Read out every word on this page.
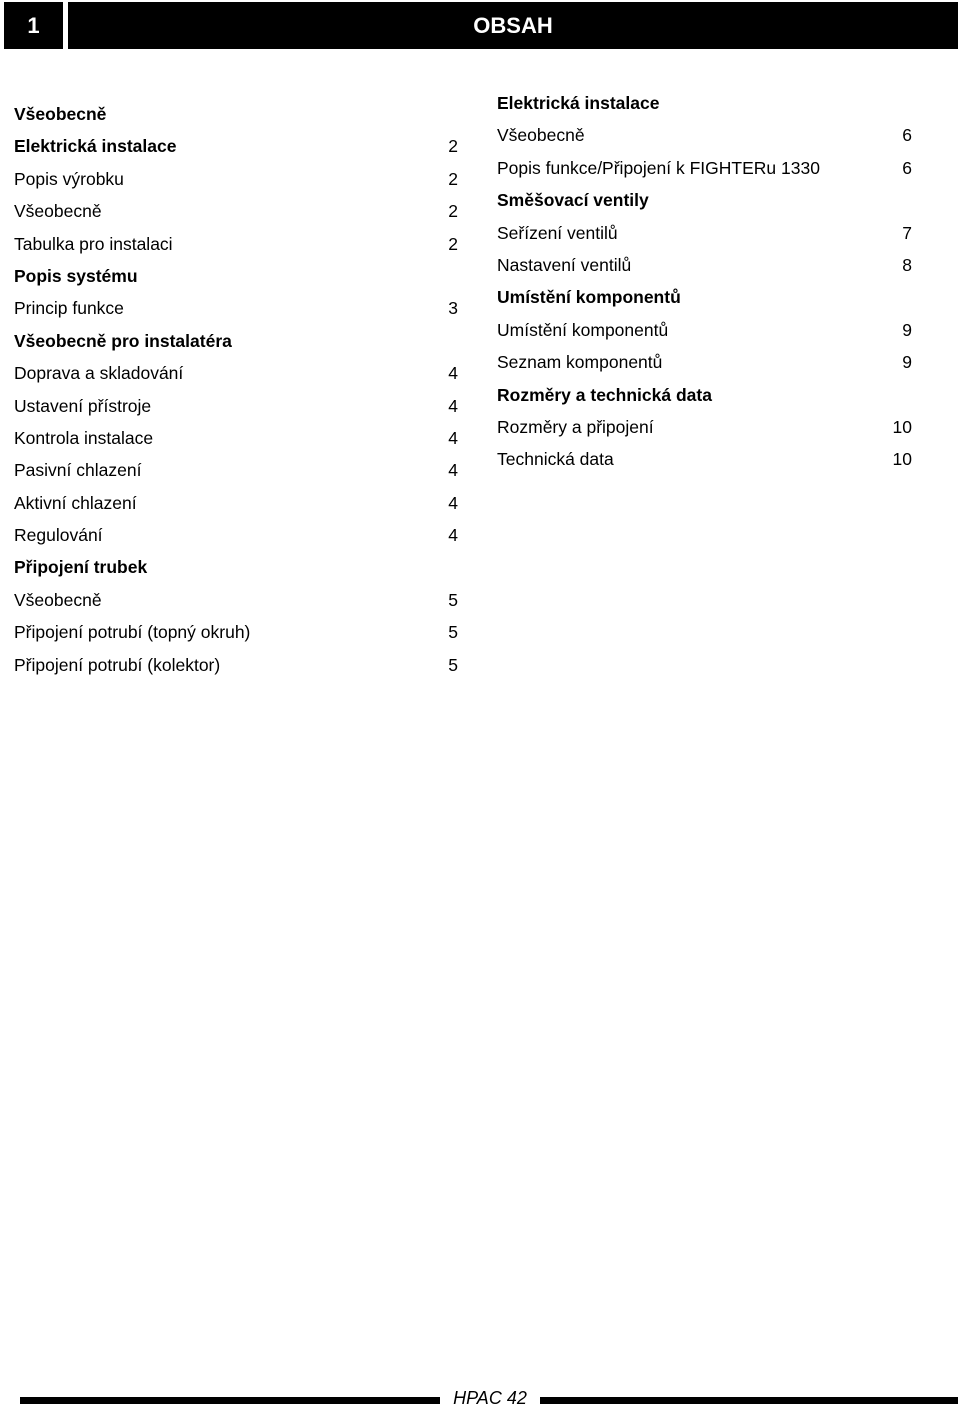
1	OBSAH
Všeobecně
Elektrická instalace	2
Popis výrobku	2
Všeobecně	2
Tabulka pro instalaci	2
Popis systému
Princip funkce	3
Všeobecně pro instalatéra
Doprava a skladování	4
Ustavení přístroje	4
Kontrola instalace	4
Pasivní chlazení	4
Aktivní chlazení	4
Regulování	4
Připojení trubek
Všeobecně	5
Připojení potrubí (topný okruh)	5
Připojení potrubí (kolektor)	5
Elektrická instalace
Všeobecně	6
Popis funkce/Připojení k FIGHTERu 1330	6
Směšovací ventily
Seřízení ventilů	7
Nastavení ventilů	8
Umístění komponentů
Umístění komponentů	9
Seznam komponentů	9
Rozměry a technická data
Rozměry a připojení	10
Technická data	10
HPAC 42
